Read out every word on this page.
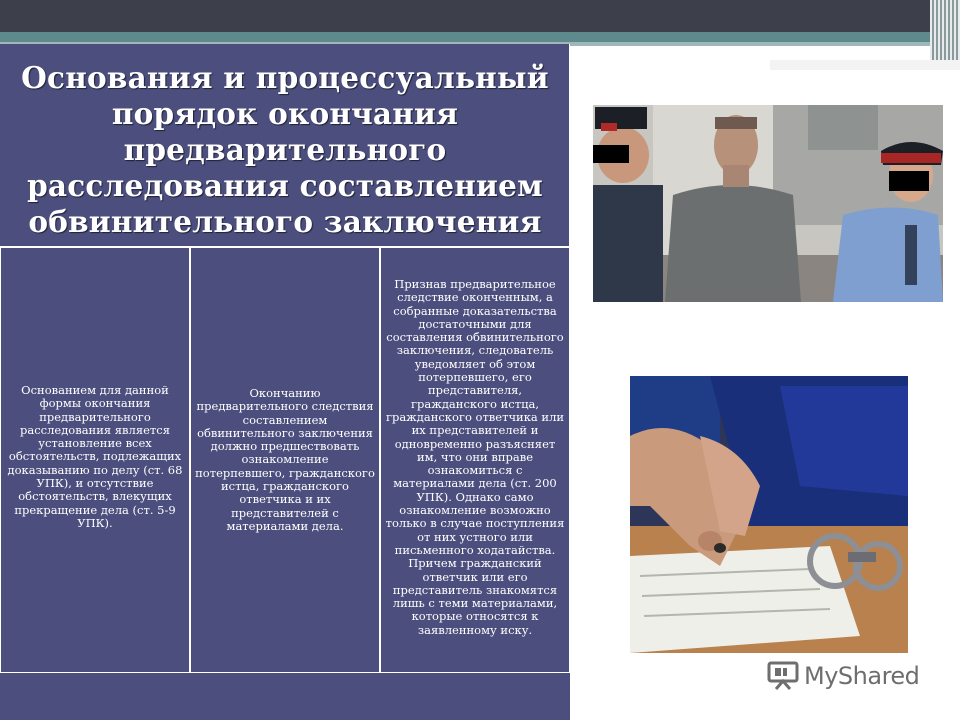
Основания и процессуальный порядок окончания предварительного расследования составлением обвинительного заключения
Основанием для данной формы окончания предварительного расследования является установление всех обстоятельств, подлежащих доказыванию по делу (ст. 68 УПК), и отсутствие обстоятельств, влекущих прекращение дела (ст. 5-9 УПК).
Окончанию предварительного следствия составлением обвинительного заключения должно предшествовать ознакомление потерпевшего, гражданского истца, гражданского ответчика и их представителей с материалами дела.
Признав предварительное следствие оконченным, а собранные доказательства достаточными для составления обвинительного заключения, следователь уведомляет об этом потерпевшего, его представителя, гражданского истца, гражданского ответчика или их представителей и одновременно разъясняет им, что они вправе ознакомиться с материалами дела (ст. 200 УПК). Однако само ознакомление возможно только в случае поступления от них устного или письменного ходатайства. Причем гражданский ответчик или его представитель знакомятся лишь с теми материалами, которые относятся к заявленному иску.
MyShared
